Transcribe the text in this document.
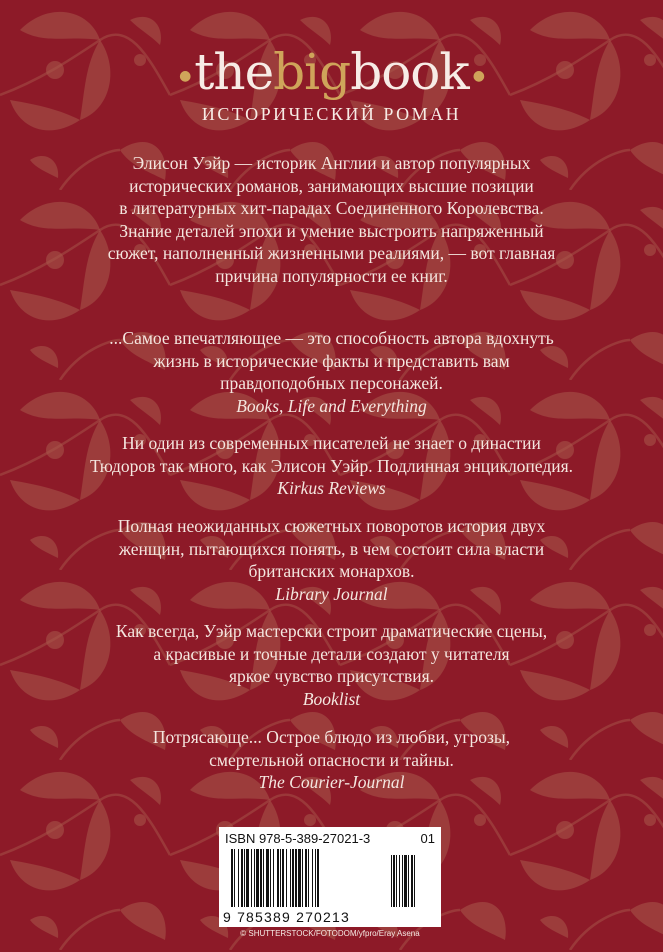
●thebigbook ●
ИСТОРИЧЕСКИЙ РОМАН

Элисон Уэйр — историк Англии и автор популярных

исторических романов, занимающих высшие позиции

в литературных хит-парадах Соединенного Королевства.

Знание деталей эпохи и умение выстроить напряженный

сюжет, наполненный жизненными реалиями, — вот главная

причина популярности ее книг.

...Самое впечатляющее — это способность автора вдохнуть

жизнь в исторические факты и представить вам

правдоподобных персонажей.

Books, Life and Everything

Ни один из современных писателей не знает о династии

Тюдоров так много, как Элисон Уэйр. Подлинная энциклопедия.

Kirkus Reviews

Полная неожиданных сюжетных поворотов история двух

женщин, пытающихся понять, в чем состоит сила власти

британских монархов.

Library Journal

Как всегда, Уэйр мастерски строит драматические сцены,

а красивые и точные детали создают у читателя

яркое чувство присутствия.

Booklist

Потрясающе... Острое блюдо из любви, угрозы,

смертельной опасности и тайны.

The Courier-Journal

ISBN 978-5-389-27021-3	01
9 785389 270213
© SHUTTERSTOCK/FOTODOM/yfpro/Eray Asena
